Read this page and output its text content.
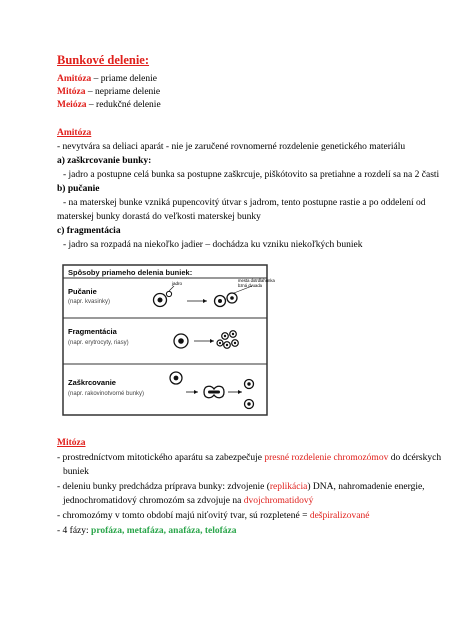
Bunkové delenie:
Amitóza – priame delenie
Mitóza – nepriame delenie
Meióza – redukčné delenie
Amitóza
- nevytvára sa deliaci aparát - nie je zaručené rovnomerné rozdelenie genetického materiálu
a) zaškrcovanie bunky:
- jadro a postupne celá bunka sa postupne zaškrcuje, piškótovito sa pretiahne a rozdelí sa na 2 časti
b) pučanie
- na materskej bunke vzniká pupencovitý útvar s jadrom, tento postupne rastie a po oddelení od
materskej bunky dorastá do veľkosti materskej bunky
c) fragmentácia
- jadro sa rozpadá na niekoľko jadier – dochádza ku vzniku niekoľkých buniek
Spôsoby priameho delenia buniek:
Pučanie
(napr. kvasinky)
jadro
mesta dotrdlahunka
bzná dvuada
Fragmentácia
(napr. erytrocyty, riasy)
Zaškrcovanie
(napr. rakovinotvorné bunky)
Mitóza
- prostredníctvom mitotického aparátu sa zabezpečuje presné rozdelenie chromozómov do dcérskych
buniek
- deleniu bunky predchádza príprava bunky: zdvojenie (replikácia) DNA, nahromadenie energie,
jednochromatidový chromozóm sa zdvojuje na dvojchromatidový
- chromozómy v tomto období majú niťovitý tvar, sú rozpletené = dešpiralizované
- 4 fázy: profáza, metafáza, anafáza, telofáza
